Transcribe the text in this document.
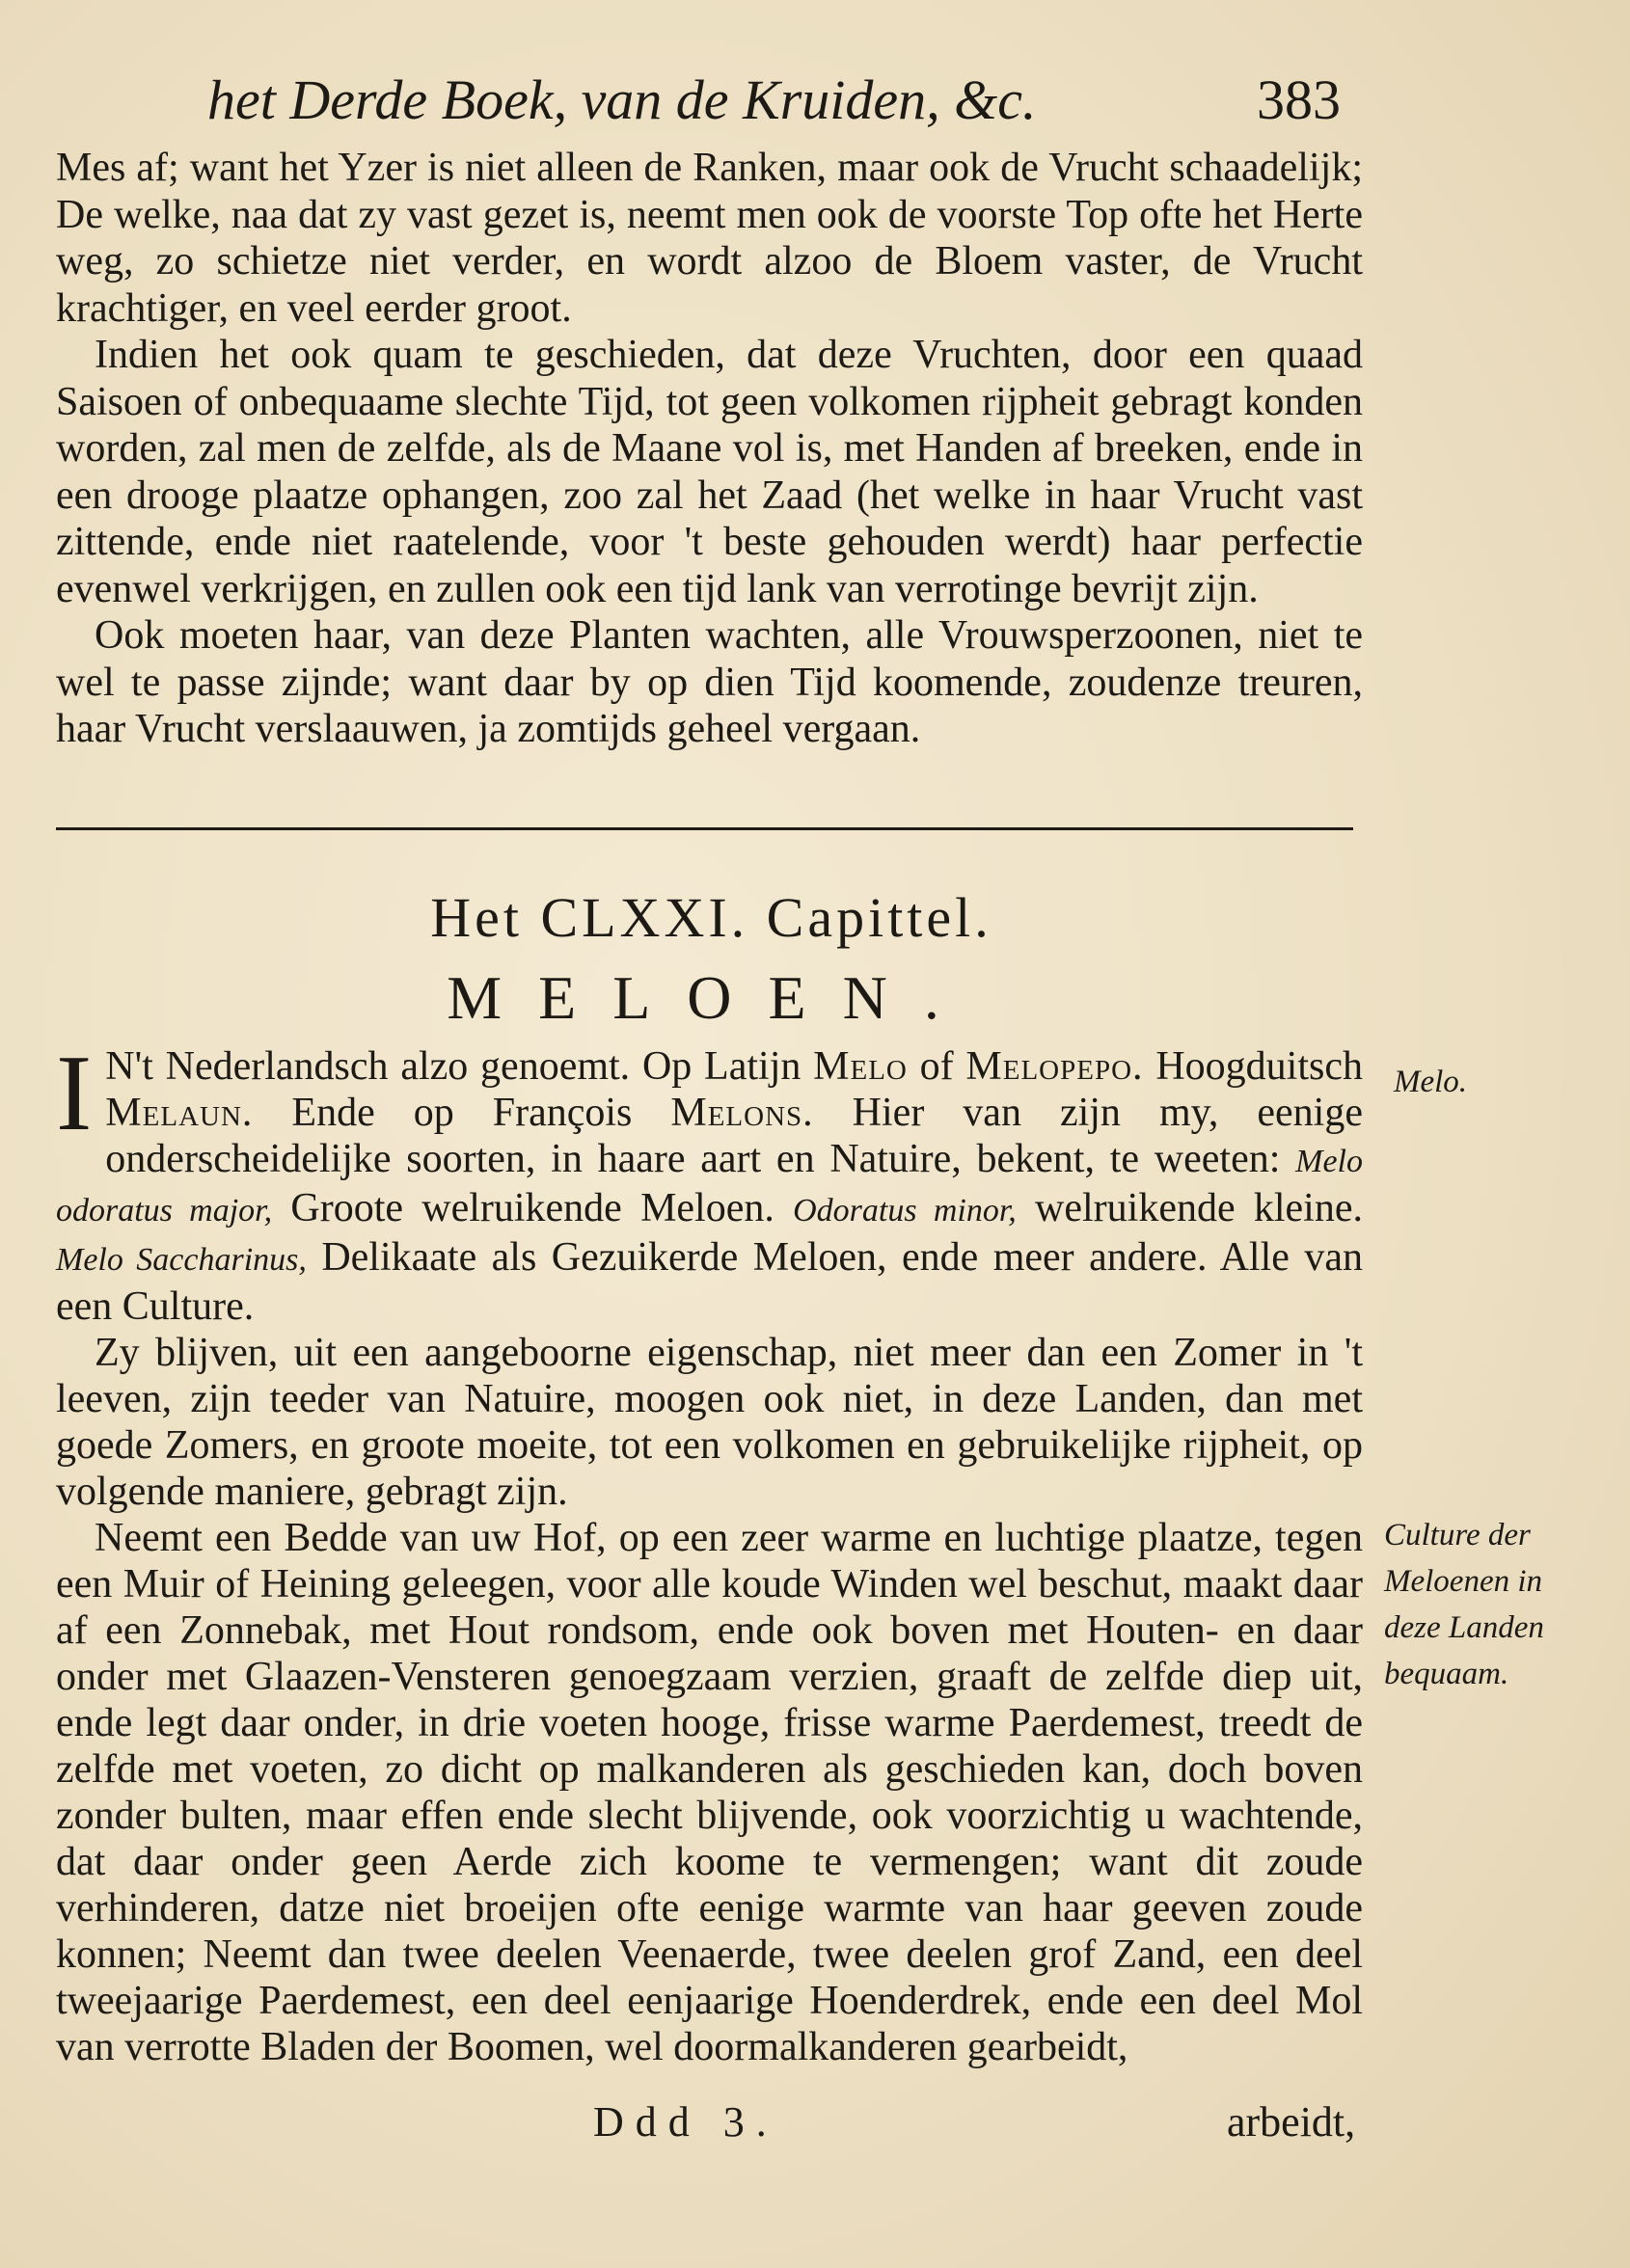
het Derde Boek, van de Kruiden, &c.	383

Mes af; want het Yzer is niet alleen de Ranken, maar ook de Vrucht schaadelijk; De welke, naa dat zy vast gezet is, neemt men ook de voorste Top ofte het Herte weg, zo schietze niet verder, en wordt alzoo de Bloem vaster, de Vrucht krachtiger, en veel eerder groot.

Indien het ook quam te geschieden, dat deze Vruchten, door een quaad Saisoen of onbequaame slechte Tijd, tot geen volkomen rijpheit gebragt konden worden, zal men de zelfde, als de Maane vol is, met Handen af breeken, ende in een drooge plaatze ophangen, zoo zal het Zaad (het welke in haar Vrucht vast zittende, ende niet raatelende, voor 't beste gehouden werdt) haar perfectie evenwel verkrijgen, en zullen ook een tijd lank van verrotinge bevrijt zijn.

Ook moeten haar, van deze Planten wachten, alle Vrouwsperzoonen, niet te wel te passe zijnde; want daar by op dien Tijd koomende, zoudenze treuren, haar Vrucht verslaauwen, ja zomtijds geheel vergaan.

Het CLXXI. Capittel.
MELOEN.

I N't Nederlandsch alzo genoemt. Op Latijn Melo of Melopepo. Hoogduitsch Melaun. Ende op François Melons. Hier van zijn my, eenige onderscheidelijke soorten, in haare aart en Natuire, bekent, te weeten: Melo odoratus major, Groote welruikende Meloen. Odoratus minor, welruikende kleine. Melo Saccharinus, Delikaate als Gezuikerde Meloen, ende meer andere. Alle van een Culture.

Zy blijven, uit een aangeboorne eigenschap, niet meer dan een Zomer in 't leeven, zijn teeder van Natuire, moogen ook niet, in deze Landen, dan met goede Zomers, en groote moeite, tot een volkomen en gebruikelijke rijpheit, op volgende maniere, gebragt zijn.

Neemt een Bedde van uw Hof, op een zeer warme en luchtige plaatze, tegen een Muir of Heining geleegen, voor alle koude Winden wel beschut, maakt daar af een Zonnebak, met Hout rondsom, ende ook boven met Houten- en daar onder met Glaazen-Vensteren genoegzaam verzien, graaft de zelfde diep uit, ende legt daar onder, in drie voeten hooge, frisse warme Paerdemest, treedt de zelfde met voeten, zo dicht op malkanderen als geschieden kan, doch boven zonder bulten, maar effen ende slecht blijvende, ook voorzichtig u wachtende, dat daar onder geen Aerde zich koome te vermengen; want dit zoude verhinderen, datze niet broeijen ofte eenige warmte van haar geeven zoude konnen; Neemt dan twee deelen Veenaerde, twee deelen grof Zand, een deel tweejaarige Paerdemest, een deel eenjaarige Hoenderdrek, ende een deel Mol van verrotte Bladen der Boomen, wel doormalkanderen gearbeidt,

Melo.
Culture der Meloenen in deze Landen bequaam.
Ddd 3.	arbeidt,
